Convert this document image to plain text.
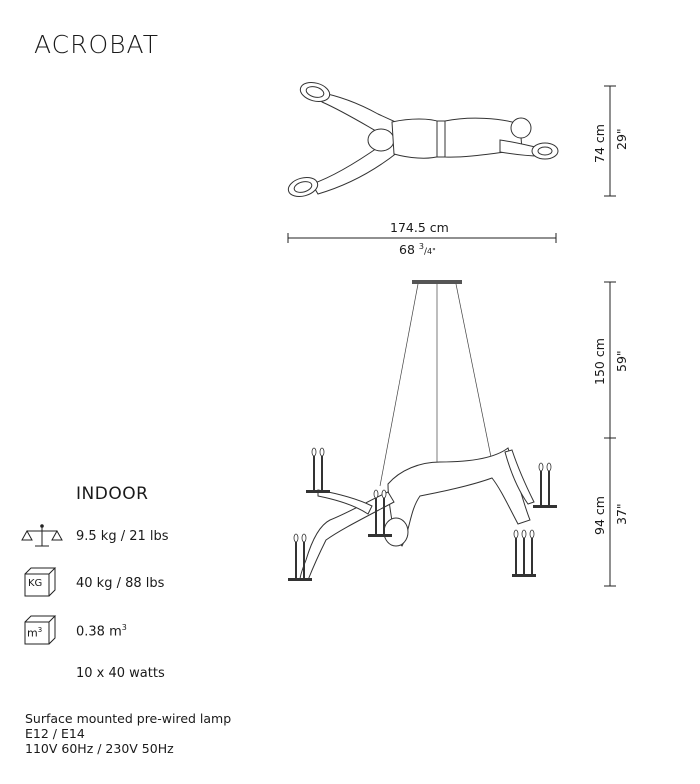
ACROBAT
74 cm 29"
174.5 cm
68 $^3$/4"
150 cm 59"
94 cm 37"
INDOOR
9.5 kg / 21 lbs
KG	40 kg / 88 lbs
$m^3$	0.38 $m^3$
10 x 40 watts
Surface mounted pre-wired lamp
E12 / E14
110V 60Hz / 230V 50Hz
